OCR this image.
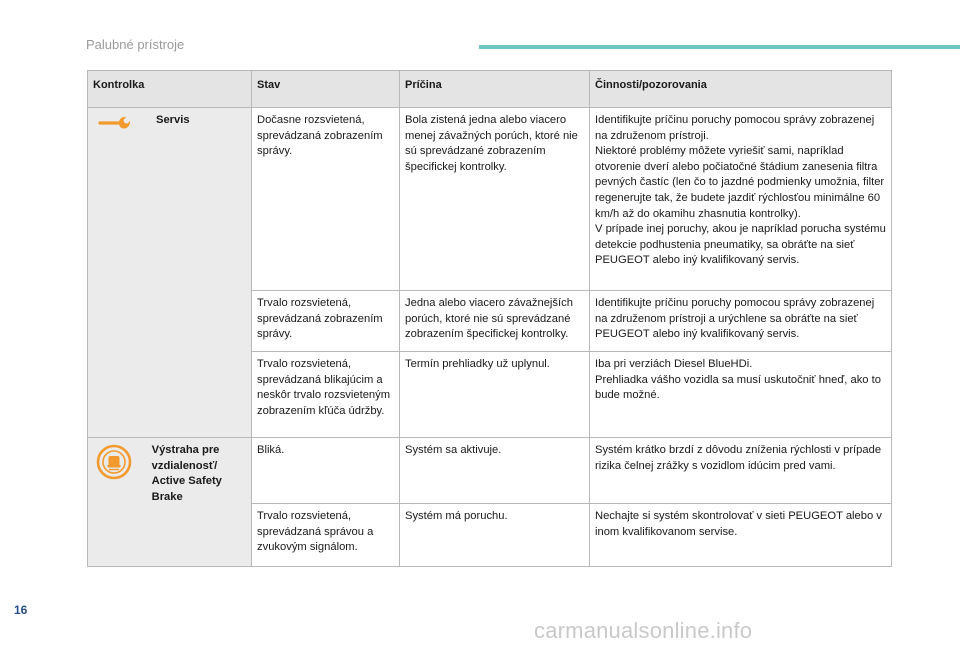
Palubné prístroje
Kontrolka	Stav	Príčina	Činnosti/pozorovania

Servis	Dočasne rozsvietená, sprevádzaná zobrazením správy.	Bola zistená jedna alebo viacero menej závažných porúch, ktoré nie sú sprevádzané zobrazením špecifickej kontrolky.	Identifikujte príčinu poruchy pomocou správy zobrazenej na združenom prístroji.
Niektoré problémy môžete vyriešiť sami, napríklad otvorenie dverí alebo počiatočné štádium zanesenia filtra pevných častíc (len čo to jazdné podmienky umožnia, filter regenerujte tak, že budete jazdiť rýchlosťou minimálne 60 km/h až do okamihu zhasnutia kontrolky).
V prípade inej poruchy, akou je napríklad porucha systému detekcie podhustenia pneumatiky, sa obráťte na sieť PEUGEOT alebo iný kvalifikovaný servis.

	Trvalo rozsvietená, sprevádzaná zobrazením správy.	Jedna alebo viacero závažnejších porúch, ktoré nie sú sprevádzané zobrazením špecifickej kontrolky.	Identifikujte príčinu poruchy pomocou správy zobrazenej na združenom prístroji a urýchlene sa obráťte na sieť PEUGEOT alebo iný kvalifikovaný servis.

	Trvalo rozsvietená, sprevádzaná blikajúcim a neskôr trvalo rozsvieteným zobrazením kľúča údržby.	Termín prehliadky už uplynul.	Iba pri verziách Diesel BlueHDi.
Prehliadka vášho vozidla sa musí uskutočniť hneď, ako to bude možné.

Výstraha pre vzdialenosť/ Active Safety Brake	Bliká.	Systém sa aktivuje.	Systém krátko brzdí z dôvodu zníženia rýchlosti v prípade rizika čelnej zrážky s vozidlom idúcim pred vami.

	Trvalo rozsvietená, sprevádzaná správou a zvukovým signálom.	Systém má poruchu.	Nechajte si systém skontrolovať v sieti PEUGEOT alebo v inom kvalifikovanom servise.
16
carmanualsonline.info
